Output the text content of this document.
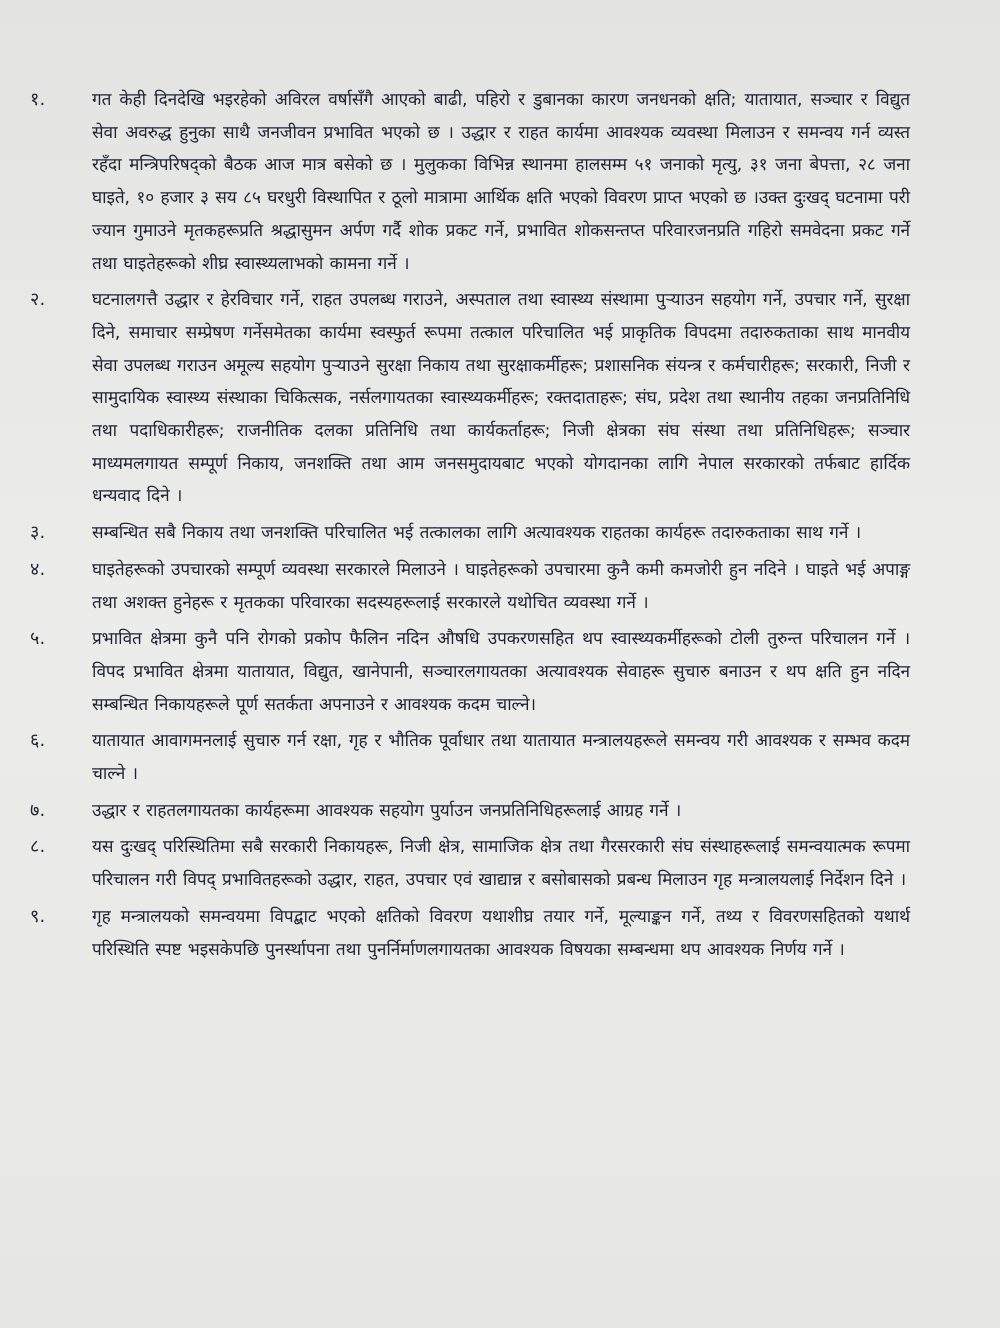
१.	गत केही दिनदेखि भइरहेको अविरल वर्षासँगै आएको बाढी, पहिरो र डुबानका कारण जनधनको क्षति; यातायात, सञ्चार र विद्युत सेवा अवरुद्ध हुनुका साथै जनजीवन प्रभावित भएको छ । उद्धार र राहत कार्यमा आवश्यक व्यवस्था मिलाउन र समन्वय गर्न व्यस्त रहँदा मन्त्रिपरिषद्को बैठक आज मात्र बसेको छ । मुलुकका विभिन्न स्थानमा हालसम्म ५१ जनाको मृत्यु, ३१ जना बेपत्ता, २८ जना घाइते, १० हजार ३ सय ८५ घरधुरी विस्थापित र ठूलो मात्रामा आर्थिक क्षति भएको विवरण प्राप्त भएको छ ।उक्त दुःखद् घटनामा परी ज्यान गुमाउने मृतकहरूप्रति श्रद्धासुमन अर्पण गर्दै शोक प्रकट गर्ने, प्रभावित शोकसन्तप्त परिवारजनप्रति गहिरो समवेदना प्रकट गर्ने तथा घाइतेहरूको शीघ्र स्वास्थ्यलाभको कामना गर्ने ।
२.	घटनालगत्तै उद्धार र हेरविचार गर्ने, राहत उपलब्ध गराउने, अस्पताल तथा स्वास्थ्य संस्थामा पुऱ्याउन सहयोग गर्ने, उपचार गर्ने, सुरक्षा दिने, समाचार सम्प्रेषण गर्नेसमेतका कार्यमा स्वस्फुर्त रूपमा तत्काल परिचालित भई प्राकृतिक विपदमा तदारुकताका साथ मानवीय सेवा उपलब्ध गराउन अमूल्य सहयोग पुऱ्याउने सुरक्षा निकाय तथा सुरक्षाकर्मीहरू; प्रशासनिक संयन्त्र र कर्मचारीहरू; सरकारी, निजी र सामुदायिक स्वास्थ्य संस्थाका चिकित्सक, नर्सलगायतका स्वास्थ्यकर्मीहरू; रक्तदाताहरू; संघ, प्रदेश तथा स्थानीय तहका जनप्रतिनिधि तथा पदाधिकारीहरू; राजनीतिक दलका प्रतिनिधि तथा कार्यकर्ताहरू; निजी क्षेत्रका संघ संस्था तथा प्रतिनिधिहरू; सञ्चार माध्यमलगायत सम्पूर्ण निकाय, जनशक्ति तथा आम जनसमुदायबाट भएको योगदानका लागि नेपाल सरकारको तर्फबाट हार्दिक धन्यवाद दिने ।
३.	सम्बन्धित सबै निकाय तथा जनशक्ति परिचालित भई तत्कालका लागि अत्यावश्यक राहतका कार्यहरू तदारुकताका साथ गर्ने ।
४.	घाइतेहरूको उपचारको सम्पूर्ण व्यवस्था सरकारले मिलाउने । घाइतेहरूको उपचारमा कुनै कमी कमजोरी हुन नदिने । घाइते भई अपाङ्ग तथा अशक्त हुनेहरू र मृतकका परिवारका सदस्यहरूलाई सरकारले यथोचित व्यवस्था गर्ने ।
५.	प्रभावित क्षेत्रमा कुनै पनि रोगको प्रकोप फैलिन नदिन औषधि उपकरणसहित थप स्वास्थ्यकर्मीहरूको टोली तुरुन्त परिचालन गर्ने । विपद प्रभावित क्षेत्रमा यातायात, विद्युत, खानेपानी, सञ्चारलगायतका अत्यावश्यक सेवाहरू सुचारु बनाउन र थप क्षति हुन नदिन सम्बन्धित निकायहरूले पूर्ण सतर्कता अपनाउने र आवश्यक कदम चाल्ने।
६.	यातायात आवागमनलाई सुचारु गर्न रक्षा, गृह र भौतिक पूर्वाधार तथा यातायात मन्त्रालयहरूले समन्वय गरी आवश्यक र सम्भव कदम चाल्ने ।
७.	उद्धार र राहतलगायतका कार्यहरूमा आवश्यक सहयोग पुर्याउन जनप्रतिनिधिहरूलाई आग्रह गर्ने ।
८.	यस दुःखद् परिस्थितिमा सबै सरकारी निकायहरू, निजी क्षेत्र, सामाजिक क्षेत्र तथा गैरसरकारी संघ संस्थाहरूलाई समन्वयात्मक रूपमा परिचालन गरी विपद् प्रभावितहरूको उद्धार, राहत, उपचार एवं खाद्यान्न र बसोबासको प्रबन्ध मिलाउन गृह मन्त्रालयलाई निर्देशन दिने ।
९.	गृह मन्त्रालयको समन्वयमा विपद्बाट भएको क्षतिको विवरण यथाशीघ्र तयार गर्ने, मूल्याङ्कन गर्ने, तथ्य र विवरणसहितको यथार्थ परिस्थिति स्पष्ट भइसकेपछि पुनर्स्थापना तथा पुनर्निर्माणलगायतका आवश्यक विषयका सम्बन्धमा थप आवश्यक निर्णय गर्ने ।
